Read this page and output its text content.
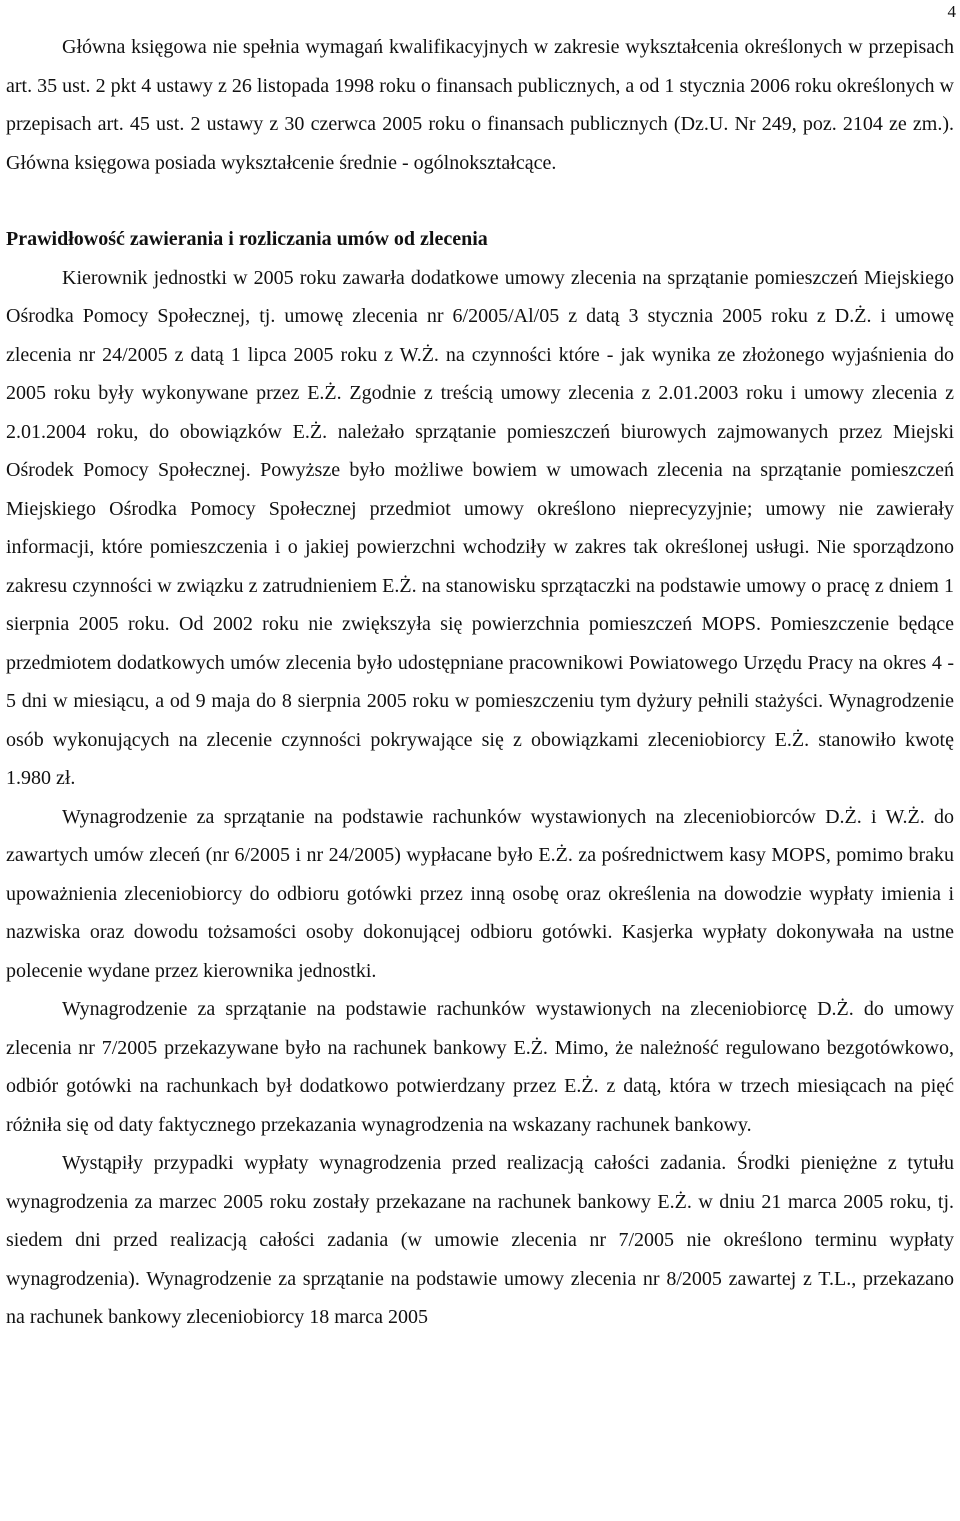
4

Główna księgowa nie spełnia wymagań kwalifikacyjnych w zakresie wykształcenia określonych w przepisach art. 35 ust. 2 pkt 4 ustawy z 26 listopada 1998 roku o finansach publicznych, a od 1 stycznia 2006 roku określonych w przepisach art. 45 ust. 2 ustawy z 30 czerwca 2005 roku o finansach publicznych (Dz.U. Nr 249, poz. 2104 ze zm.). Główna księgowa posiada wykształcenie średnie - ogólnokształcące.

Prawidłowość zawierania i rozliczania umów od zlecenia

Kierownik jednostki w 2005 roku zawarła dodatkowe umowy zlecenia na sprzątanie pomieszczeń Miejskiego Ośrodka Pomocy Społecznej, tj. umowę zlecenia nr 6/2005/Al/05 z datą 3 stycznia 2005 roku z D.Ż. i umowę zlecenia nr 24/2005 z datą 1 lipca 2005 roku z W.Ż. na czynności które - jak wynika ze złożonego wyjaśnienia do 2005 roku były wykonywane przez E.Ż. Zgodnie z treścią umowy zlecenia z 2.01.2003 roku i umowy zlecenia z 2.01.2004 roku, do obowiązków E.Ż. należało sprzątanie pomieszczeń biurowych zajmowanych przez Miejski Ośrodek Pomocy Społecznej. Powyższe było możliwe bowiem w umowach zlecenia na sprzątanie pomieszczeń Miejskiego Ośrodka Pomocy Społecznej przedmiot umowy określono nieprecyzyjnie; umowy nie zawierały informacji, które pomieszczenia i o jakiej powierzchni wchodziły w zakres tak określonej usługi. Nie sporządzono zakresu czynności w związku z zatrudnieniem E.Ż. na stanowisku sprzątaczki na podstawie umowy o pracę z dniem 1 sierpnia 2005 roku. Od 2002 roku nie zwiększyła się powierzchnia pomieszczeń MOPS. Pomieszczenie będące przedmiotem dodatkowych umów zlecenia było udostępniane pracownikowi Powiatowego Urzędu Pracy na okres 4 - 5 dni w miesiącu, a od 9 maja do 8 sierpnia 2005 roku w pomieszczeniu tym dyżury pełnili stażyści. Wynagrodzenie osób wykonujących na zlecenie czynności pokrywające się z obowiązkami zleceniobiorcy E.Ż. stanowiło kwotę 1.980 zł.

Wynagrodzenie za sprzątanie na podstawie rachunków wystawionych na zleceniobiorców D.Ż. i W.Ż. do zawartych umów zleceń (nr 6/2005 i nr 24/2005) wypłacane było E.Ż. za pośrednictwem kasy MOPS, pomimo braku upoważnienia zleceniobiorcy do odbioru gotówki przez inną osobę oraz określenia na dowodzie wypłaty imienia i nazwiska oraz dowodu tożsamości osoby dokonującej odbioru gotówki. Kasjerka wypłaty dokonywała na ustne polecenie wydane przez kierownika jednostki.

Wynagrodzenie za sprzątanie na podstawie rachunków wystawionych na zleceniobiorcę D.Ż. do umowy zlecenia nr 7/2005 przekazywane było na rachunek bankowy E.Ż. Mimo, że należność regulowano bezgotówkowo, odbiór gotówki na rachunkach był dodatkowo potwierdzany przez E.Ż. z datą, która w trzech miesiącach na pięć różniła się od daty faktycznego przekazania wynagrodzenia na wskazany rachunek bankowy.

Wystąpiły przypadki wypłaty wynagrodzenia przed realizacją całości zadania. Środki pieniężne z tytułu wynagrodzenia za marzec 2005 roku zostały przekazane na rachunek bankowy E.Ż. w dniu 21 marca 2005 roku, tj. siedem dni przed realizacją całości zadania (w umowie zlecenia nr 7/2005 nie określono terminu wypłaty wynagrodzenia). Wynagrodzenie za sprzątanie na podstawie umowy zlecenia nr 8/2005 zawartej z T.L., przekazano na rachunek bankowy zleceniobiorcy 18 marca 2005
